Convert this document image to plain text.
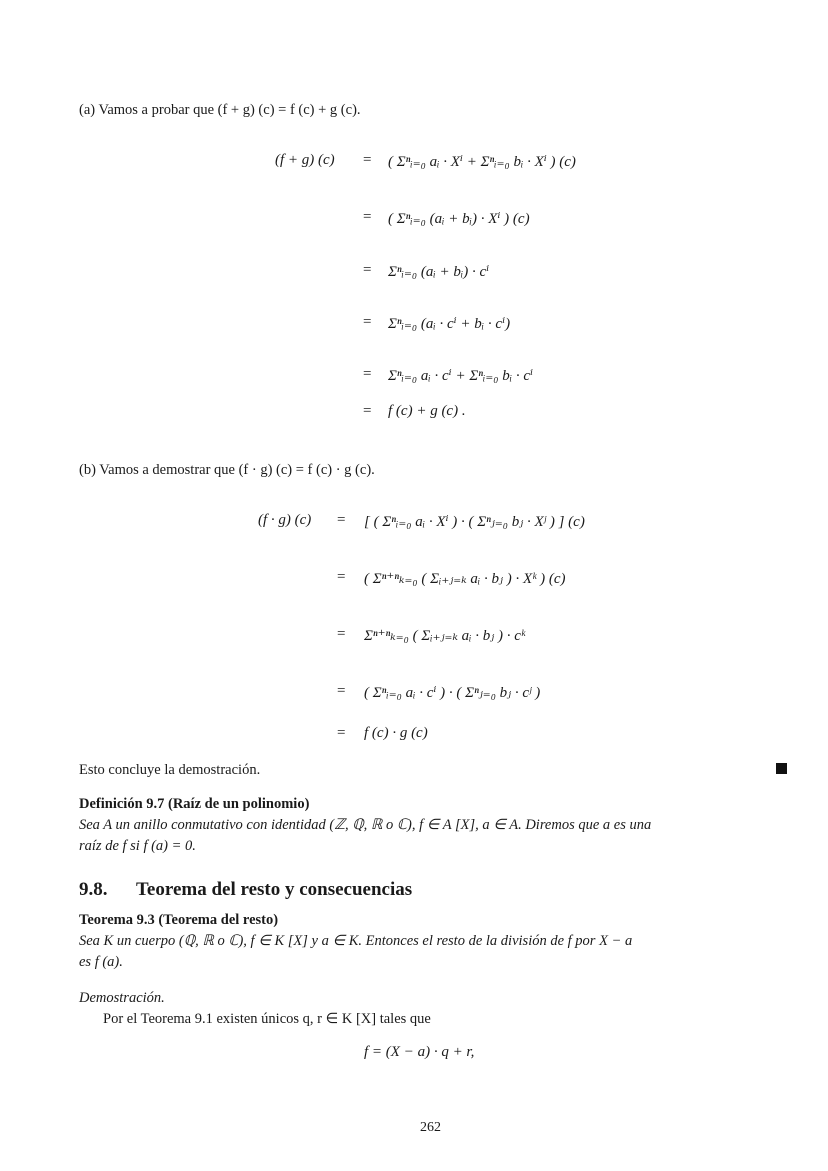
(a) Vamos a probar que (f + g) (c) = f (c) + g (c).
(f + g) (c) =
=
=
=
=
=
( Σⁿᵢ₌₀ aᵢ · Xⁱ + Σⁿᵢ₌₀ bᵢ · Xⁱ ) (c)
( Σⁿᵢ₌₀ (aᵢ + bᵢ) · Xⁱ ) (c)
Σⁿᵢ₌₀ (aᵢ + bᵢ) · cⁱ
Σⁿᵢ₌₀ (aᵢ · cⁱ + bᵢ · cⁱ)
Σⁿᵢ₌₀ aᵢ · cⁱ + Σⁿᵢ₌₀ bᵢ · cⁱ
f (c) + g (c) .
(b) Vamos a demostrar que (f · g) (c) = f (c) · g (c).
(f · g) (c) =
=
=
=
=
[ ( Σⁿᵢ₌₀ aᵢ · Xⁱ ) · ( Σⁿⱼ₌₀ bⱼ · Xʲ ) ] (c)
( Σⁿ⁺ⁿₖ₌₀ ( Σᵢ₊ⱼ₌ₖ aᵢ · bⱼ ) · Xᵏ ) (c)
Σⁿ⁺ⁿₖ₌₀ ( Σᵢ₊ⱼ₌ₖ aᵢ · bⱼ ) · cᵏ
( Σⁿᵢ₌₀ aᵢ · cⁱ ) · ( Σⁿⱼ₌₀ bⱼ · cʲ )
f (c) · g (c)
Esto concluye la demostración.
Definición 9.7 (Raíz de un polinomio)
Sea A un anillo conmutativo con identidad (ℤ, ℚ, ℝ o ℂ), f ∈ A [X], a ∈ A. Diremos que a es una
raíz de f si f (a) = 0.
9.8. Teorema del resto y consecuencias
Teorema 9.3 (Teorema del resto)
Sea K un cuerpo (ℚ, ℝ o ℂ), f ∈ K [X] y a ∈ K. Entonces el resto de la división de f por X − a
es f (a).
Demostración.
Por el Teorema 9.1 existen únicos q, r ∈ K [X] tales que
f = (X − a) · q + r,
262
